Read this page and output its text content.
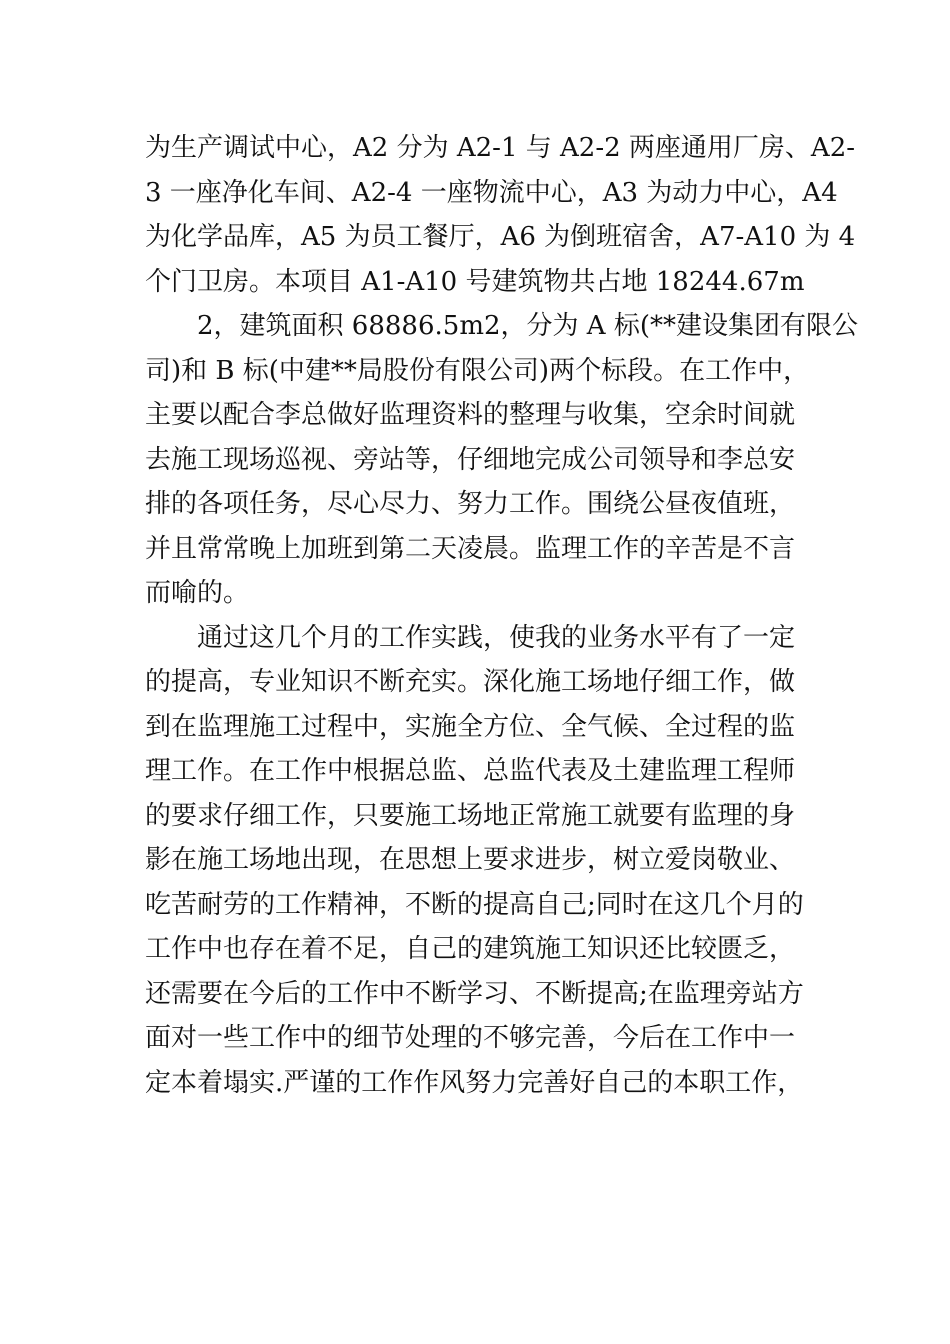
为生产调试中心，A2 分为 A2-1 与 A2-2 两座通用厂房、A2-
3 一座净化车间、A2-4 一座物流中心，A3 为动力中心，A4
为化学品库，A5 为员工餐厅，A6 为倒班宿舍，A7-A10 为 4
个门卫房。本项目 A1-A10 号建筑物共占地 18244.67m

2，建筑面积 68886.5m2，分为 A 标(**建设集团有限公
司)和 B 标(中建**局股份有限公司)两个标段。在工作中，
主要以配合李总做好监理资料的整理与收集，空余时间就
去施工现场巡视、旁站等，仔细地完成公司领导和李总安
排的各项任务，尽心尽力、努力工作。围绕公昼夜值班，
并且常常晚上加班到第二天凌晨。监理工作的辛苦是不言
而喻的。

通过这几个月的工作实践，使我的业务水平有了一定
的提高，专业知识不断充实。深化施工场地仔细工作，做
到在监理施工过程中，实施全方位、全气候、全过程的监
理工作。在工作中根据总监、总监代表及土建监理工程师
的要求仔细工作，只要施工场地正常施工就要有监理的身
影在施工场地出现，在思想上要求进步，树立爱岗敬业、
吃苦耐劳的工作精神，不断的提高自己;同时在这几个月的
工作中也存在着不足，自己的建筑施工知识还比较匮乏，
还需要在今后的工作中不断学习、不断提高;在监理旁站方
面对一些工作中的细节处理的不够完善，今后在工作中一
定本着塌实.严谨的工作作风努力完善好自己的本职工作，
